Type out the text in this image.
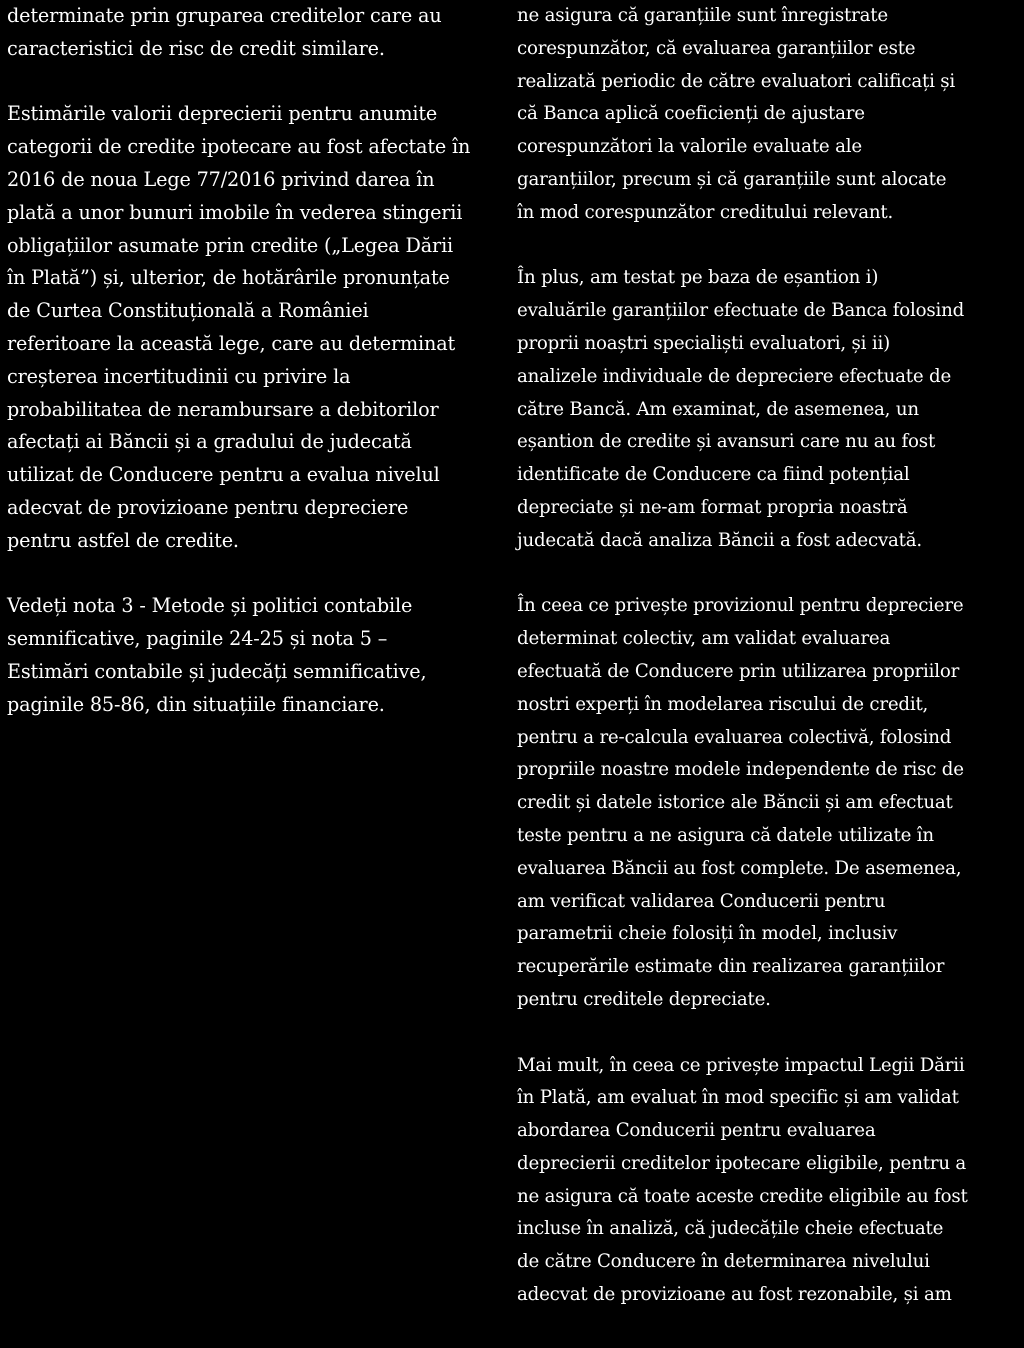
determinate prin gruparea creditelor care au
caracteristici de risc de credit similare.
Estimările valorii deprecierii pentru anumite
categorii de credite ipotecare au fost afectate în
2016 de noua Lege 77/2016 privind darea în
plată a unor bunuri imobile în vederea stingerii
obligațiilor asumate prin credite („Legea Dării
în Plată”) și, ulterior, de hotărârile pronunțate
de Curtea Constituțională a României
referitoare la această lege, care au determinat
creșterea incertitudinii cu privire la
probabilitatea de nerambursare a debitorilor
afectați ai Băncii și a gradului de judecată
utilizat de Conducere pentru a evalua nivelul
adecvat de provizioane pentru depreciere
pentru astfel de credite.
Vedeți nota 3 - Metode și politici contabile
semnificative, paginile 24-25 și nota 5 –
Estimări contabile și judecăți semnificative,
paginile 85-86, din situațiile financiare.
ne asigura că garanțiile sunt înregistrate
corespunzător, că evaluarea garanțiilor este
realizată periodic de către evaluatori calificați și
că Banca aplică coeficienți de ajustare
corespunzători la valorile evaluate ale
garanțiilor, precum și că garanțiile sunt alocate
în mod corespunzător creditului relevant.
În plus, am testat pe baza de eșantion i)
evaluările garanțiilor efectuate de Banca folosind
proprii noaștri specialiști evaluatori, și ii)
analizele individuale de depreciere efectuate de
către Bancă. Am examinat, de asemenea, un
eșantion de credite și avansuri care nu au fost
identificate de Conducere ca fiind potențial
depreciate și ne-am format propria noastră
judecată dacă analiza Băncii a fost adecvată.
În ceea ce privește provizionul pentru depreciere
determinat colectiv, am validat evaluarea
efectuată de Conducere prin utilizarea propriilor
nostri experți în modelarea riscului de credit,
pentru a re-calcula evaluarea colectivă, folosind
propriile noastre modele independente de risc de
credit și datele istorice ale Băncii și am efectuat
teste pentru a ne asigura că datele utilizate în
evaluarea Băncii au fost complete. De asemenea,
am verificat validarea Conducerii pentru
parametrii cheie folosiți în model, inclusiv
recuperările estimate din realizarea garanțiilor
pentru creditele depreciate.
Mai mult, în ceea ce privește impactul Legii Dării
în Plată, am evaluat în mod specific și am validat
abordarea Conducerii pentru evaluarea
deprecierii creditelor ipotecare eligibile, pentru a
ne asigura că toate aceste credite eligibile au fost
incluse în analiză, că judecățile cheie efectuate
de către Conducere în determinarea nivelului
adecvat de provizioane au fost rezonabile, și am
